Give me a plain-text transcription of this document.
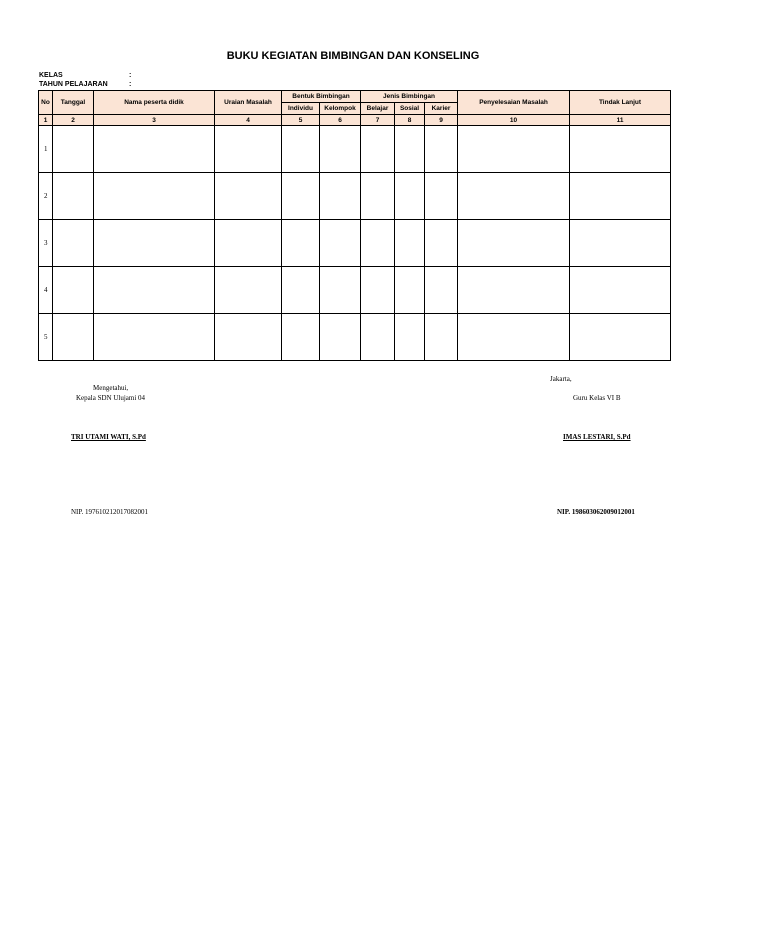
BUKU KEGIATAN BIMBINGAN DAN KONSELING
KELAS	:
TAHUN PELAJARAN	:
No	Tanggal	Nama peserta didik	Uraian Masalah	Bentuk Bimbingan		Jenis Bimbingan			Penyelesaian Masalah	Tindak Lanjut
				Individu	Kelompok	Belajar	Sosial	Karier		
1	2	3	4	5	6	7	8	9	10	11
1										
2										
3										
4										
5										
Mengetahui,
Kepala SDN Ulujami 04
TRI UTAMI WATI, S.Pd
NIP. 197610212017082001
Jakarta,
Guru Kelas VI B
IMAS LESTARI, S.Pd
NIP. 198603062009012001
